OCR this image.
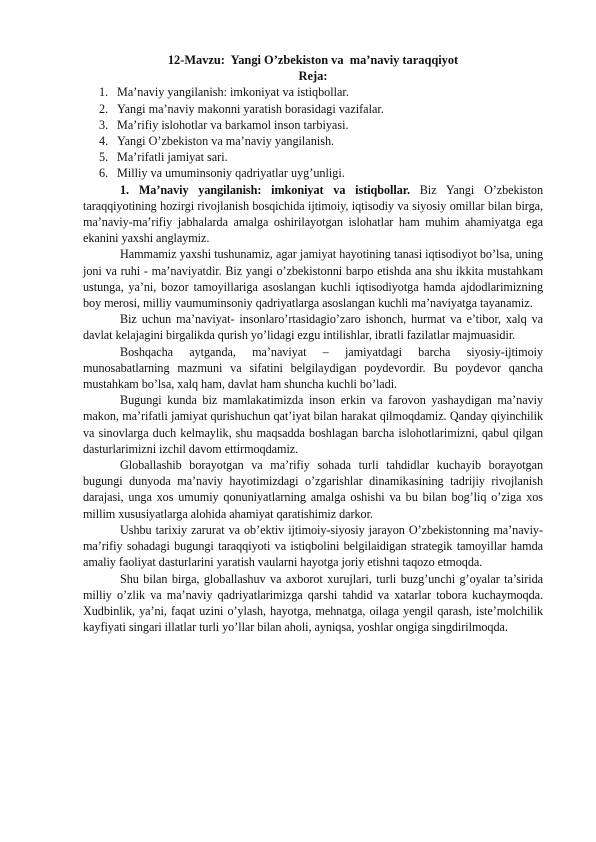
12-Mavzu:  Yangi O’zbekiston va  ma’naviy taraqqiyot

Reja:

1. Ma’naviy yangilanish: imkoniyat va istiqbollar.
2. Yangi ma’naviy makonni yaratish borasidagi vazifalar.
3. Ma’rifiy islohotlar va barkamol inson tarbiyasi.
4. Yangi O’zbekiston va ma’naviy yangilanish.
5. Ma’rifatli jamiyat sari.
6. Milliy va umuminsoniy qadriyatlar uyg’unligi.

1. Ma’naviy yangilanish: imkoniyat va istiqbollar. Biz Yangi O’zbekiston taraqqiyotining hozirgi rivojlanish bosqichida ijtimoiy, iqtisodiy va siyosiy omillar bilan birga, ma’naviy-ma’rifiy jabhalarda amalga oshirilayotgan islohatlar ham muhim ahamiyatga ega ekanini yaxshi anglaymiz.

Hammamiz yaxshi tushunamiz, agar jamiyat hayotining tanasi iqtisodiyot bo’lsa, uning joni va ruhi - ma’naviyatdir. Biz yangi o’zbekistonni barpo etishda ana shu ikkita mustahkam ustunga, ya’ni, bozor tamoyillariga asoslangan kuchli iqtisodiyotga hamda ajdodlarimizning boy merosi, milliy vaumuminsoniy qadriyatlarga asoslangan kuchli ma’naviyatga tayanamiz.

Biz uchun ma’naviyat- insonlaro’rtasidagio’zaro ishonch, hurmat va e’tibor, xalq va davlat kelajagini birgalikda qurish yo’lidagi ezgu intilishlar, ibratli fazilatlar majmuasidir.

Boshqacha aytganda, ma’naviyat – jamiyatdagi barcha siyosiy-ijtimoiy munosabatlarning mazmuni va sifatini belgilaydigan poydevordir. Bu poydevor qancha mustahkam bo’lsa, xalq ham, davlat ham shuncha kuchli bo’ladi.

Bugungi kunda biz mamlakatimizda inson erkin va farovon yashaydigan ma’naviy makon, ma’rifatli jamiyat qurishuchun qat’iyat bilan harakat qilmoqdamiz. Qanday qiyinchilik va sinovlarga duch kelmaylik, shu maqsadda boshlagan barcha islohotlarimizni, qabul qilgan dasturlarimizni izchil davom ettirmoqdamiz.

Globallashib borayotgan va ma’rifiy sohada turli tahdidlar kuchayib borayotgan bugungi dunyoda ma’naviy hayotimizdagi o’zgarishlar dinamikasining tadrijiy rivojlanish darajasi, unga xos umumiy qonuniyatlarning amalga oshishi va bu bilan bog’liq o’ziga xos millim xususiyatlarga alohida ahamiyat qaratishimiz darkor.

Ushbu tarixiy zarurat va ob’ektiv ijtimoiy-siyosiy jarayon O’zbekistonning ma’naviy-ma’rifiy sohadagi bugungi taraqqiyoti va istiqbolini belgilaidigan strategik tamoyillar hamda amaliy faoliyat dasturlarini yaratish vaularni hayotga joriy etishni taqozo etmoqda.

Shu bilan birga, globallashuv va axborot xurujlari, turli buzg’unchi g’oyalar ta’sirida milliy o’zlik va ma’naviy qadriyatlarimizga qarshi tahdid va xatarlar tobora kuchaymoqda. Xudbinlik, ya’ni, faqat uzini o’ylash, hayotga, mehnatga, oilaga yengil qarash, iste’molchilik kayfiyati singari illatlar turli yo’llar bilan aholi, ayniqsa, yoshlar ongiga singdirilmoqda.
